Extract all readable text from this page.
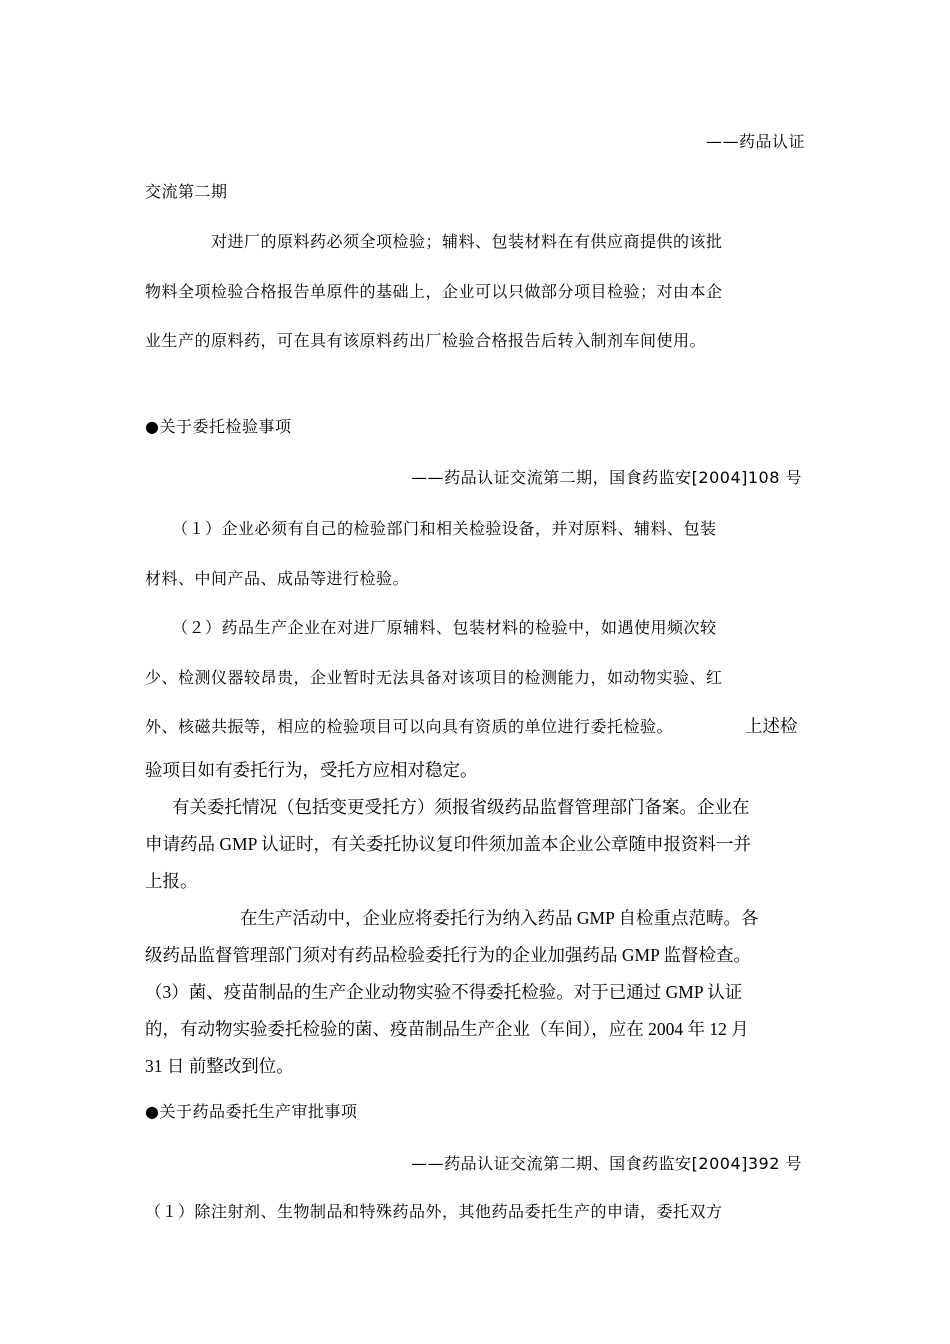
——药品认证

交流第二期

对进厂的原料药必须全项检验；辅料、包装材料在有供应商提供的该批

物料全项检验合格报告单原件的基础上，企业可以只做部分项目检验；对由本企

业生产的原料药，可在具有该原料药出厂检验合格报告后转入制剂车间使用。

●关于委托检验事项

——药品认证交流第二期，国食药监安[2004]108 号

（１）企业必须有自己的检验部门和相关检验设备，并对原料、辅料、包装

材料、中间产品、成品等进行检验。

（２）药品生产企业在对进厂原辅料、包装材料的检验中，如遇使用频次较

少、检测仪器较昂贵，企业暂时无法具备对该项目的检测能力，如动物实验、红

外、核磁共振等，相应的检验项目可以向具有资质的单位进行委托检验。	上述检

验项目如有委托行为，受托方应相对稳定。

有关委托情况（包括变更受托方）须报省级药品监督管理部门备案。企业在

申请药品 GMP 认证时，有关委托协议复印件须加盖本企业公章随申报资料一并

上报。

在生产活动中，企业应将委托行为纳入药品 GMP 自检重点范畴。各

级药品监督管理部门须对有药品检验委托行为的企业加强药品 GMP 监督检查。

（3）菌、疫苗制品的生产企业动物实验不得委托检验。对于已通过 GMP 认证

的，有动物实验委托检验的菌、疫苗制品生产企业（车间），应在 2004 年 12 月

31 日 前整改到位。

●关于药品委托生产审批事项

——药品认证交流第二期、国食药监安[2004]392 号

（１）除注射剂、生物制品和特殊药品外，其他药品委托生产的申请，委托双方
